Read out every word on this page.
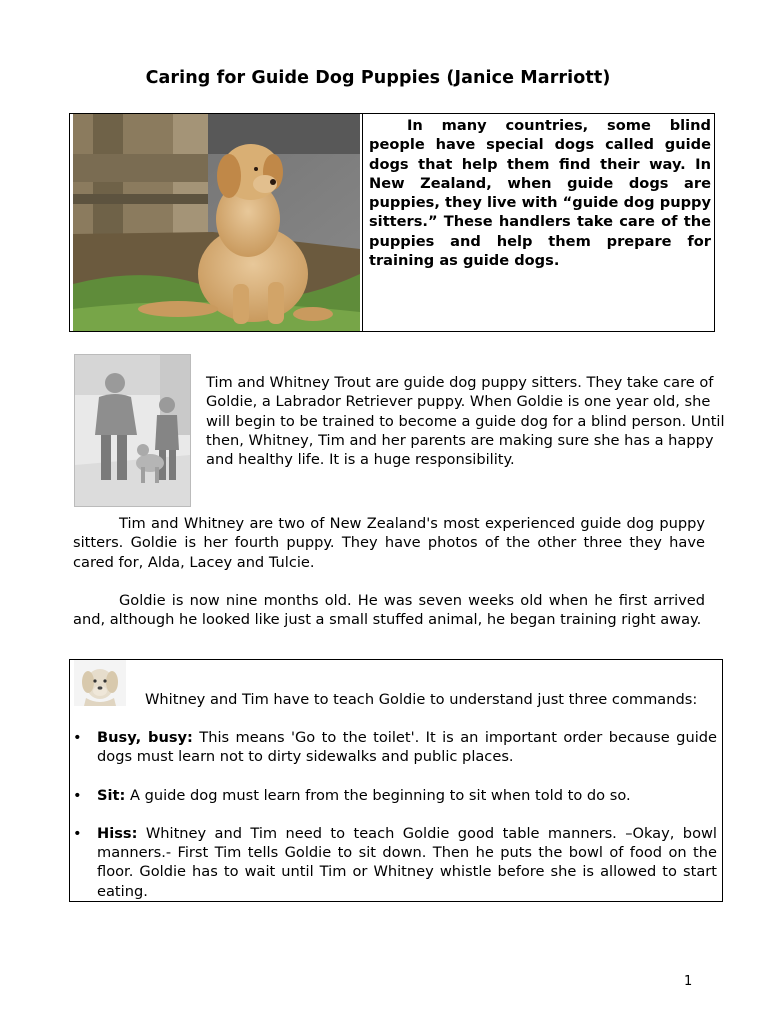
Caring for Guide Dog Puppies (Janice Marriott)
In many countries, some blind people have special dogs called guide dogs that help them find their way. In New Zealand, when guide dogs are puppies, they live with “guide dog puppy sitters.” These handlers take care of the puppies and help them prepare for training as guide dogs.
Tim and Whitney Trout are guide dog puppy sitters. They take care of Goldie, a Labrador Retriever puppy. When Goldie is one year old, she will begin to be trained to become a guide dog for a blind person. Until then, Whitney, Tim and her parents are making sure she has a happy and healthy life. It is a huge responsibility.
Tim and Whitney are two of New Zealand's most experienced guide dog puppy sitters. Goldie is her fourth puppy. They have photos of the other three they have cared for, Alda, Lacey and Tulcie.
Goldie is now nine months old. He was seven weeks old when he first arrived and, although he looked like just a small stuffed animal, he began training right away.
Whitney and Tim have to teach Goldie to understand just three commands:
• Busy, busy: This means 'Go to the toilet'. It is an important order because guide dogs must learn not to dirty sidewalks and public places.
• Sit: A guide dog must learn from the beginning to sit when told to do so.
• Hiss: Whitney and Tim need to teach Goldie good table manners. –Okay, bowl manners.- First Tim tells Goldie to sit down. Then he puts the bowl of food on the floor. Goldie has to wait until Tim or Whitney whistle before she is allowed to start eating.
1
